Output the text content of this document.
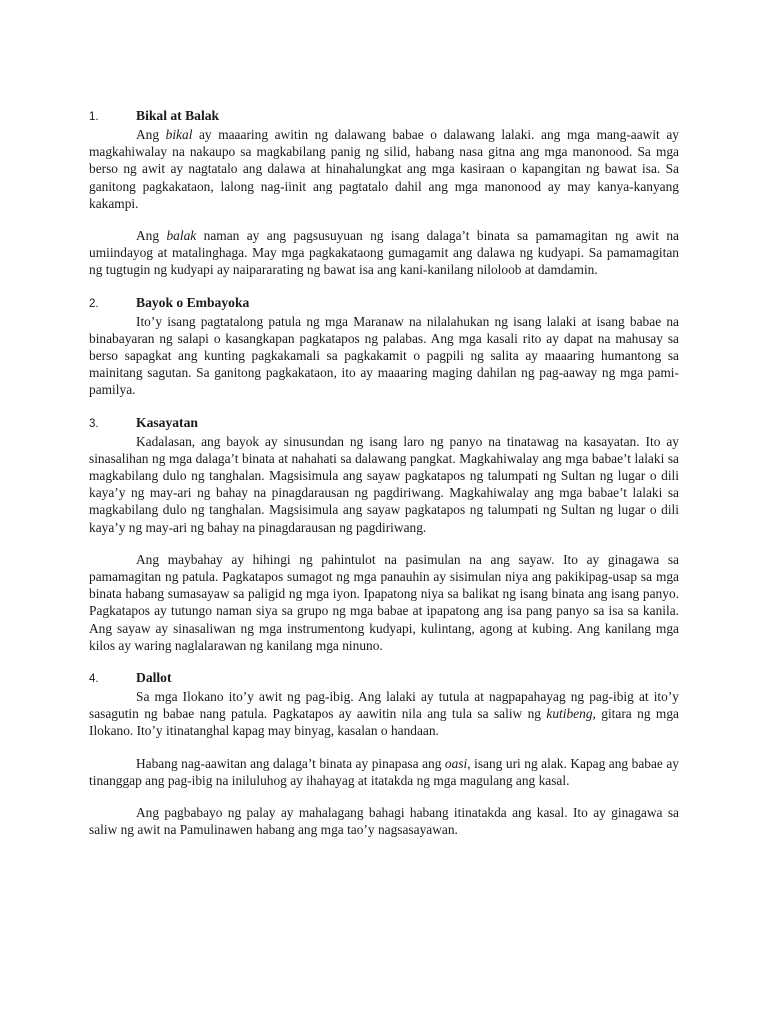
1.	Bikal at Balak

Ang bikal ay maaaring awitin ng dalawang babae o dalawang lalaki. ang mga mang-aawit ay magkahiwalay na nakaupo sa magkabilang panig ng silid, habang nasa gitna ang mga manonood. Sa mga berso ng awit ay nagtatalo ang dalawa at hinahalungkat ang mga kasiraan o kapangitan ng bawat isa. Sa ganitong pagkakataon, lalong nag-iinit ang pagtatalo dahil ang mga manonood ay may kanya-kanyang kakampi.

Ang balak naman ay ang pagsusuyuan ng isang dalaga’t binata sa pamamagitan ng awit na umiindayog at matalinghaga. May mga pagkakataong gumagamit ang dalawa ng kudyapi. Sa pamamagitan ng tugtugin ng kudyapi ay naipararating ng bawat isa ang kani-kanilang niloloob at damdamin.

2.	Bayok o Embayoka

Ito’y isang pagtatalong patula ng mga Maranaw na nilalahukan ng isang lalaki at isang babae na binabayaran ng salapi o kasangkapan pagkatapos ng palabas. Ang mga kasali rito ay dapat na mahusay sa berso sapagkat ang kunting pagkakamali sa pagkakamit o pagpili ng salita ay maaaring humantong sa mainitang sagutan. Sa ganitong pagkakataon, ito ay maaaring maging dahilan ng pag-aaway ng mga pami-pamilya.

3.	Kasayatan

Kadalasan, ang bayok ay sinusundan ng isang laro ng panyo na tinatawag na kasayatan. Ito ay sinasalihan ng mga dalaga’t binata at nahahati sa dalawang pangkat. Magkahiwalay ang mga babae’t lalaki sa magkabilang dulo ng tanghalan. Magsisimula ang sayaw pagkatapos ng talumpati ng Sultan ng lugar o dili kaya’y ng may-ari ng bahay na pinagdarausan ng pagdiriwang. Magkahiwalay ang mga babae’t lalaki sa magkabilang dulo ng tanghalan. Magsisimula ang sayaw pagkatapos ng talumpati ng Sultan ng lugar o dili kaya’y ng may-ari ng bahay na pinagdarausan ng pagdiriwang.

Ang maybahay ay hihingi ng pahintulot na pasimulan na ang sayaw. Ito ay ginagawa sa pamamagitan ng patula. Pagkatapos sumagot ng mga panauhin ay sisimulan niya ang pakikipag-usap sa mga binata habang sumasayaw sa paligid ng mga iyon. Ipapatong niya sa balikat ng isang binata ang isang panyo. Pagkatapos ay tutungo naman siya sa grupo ng mga babae at ipapatong ang isa pang panyo sa isa sa kanila. Ang sayaw ay sinasaliwan ng mga instrumentong kudyapi, kulintang, agong at kubing. Ang kanilang mga kilos ay waring naglalarawan ng kanilang mga ninuno.

4.	Dallot

Sa mga Ilokano ito’y awit ng pag-ibig. Ang lalaki ay tutula at nagpapahayag ng pag-ibig at ito’y sasagutin ng babae nang patula. Pagkatapos ay aawitin nila ang tula sa saliw ng kutibeng, gitara ng mga Ilokano. Ito’y itinatanghal kapag may binyag, kasalan o handaan.

Habang nag-aawitan ang dalaga’t binata ay pinapasa ang oasi, isang uri ng alak. Kapag ang babae ay tinanggap ang pag-ibig na iniluluhog ay ihahayag at itatakda ng mga magulang ang kasal.

Ang pagbabayo ng palay ay mahalagang bahagi habang itinatakda ang kasal. Ito ay ginagawa sa saliw ng awit na Pamulinawen habang ang mga tao’y nagsasayawan.
